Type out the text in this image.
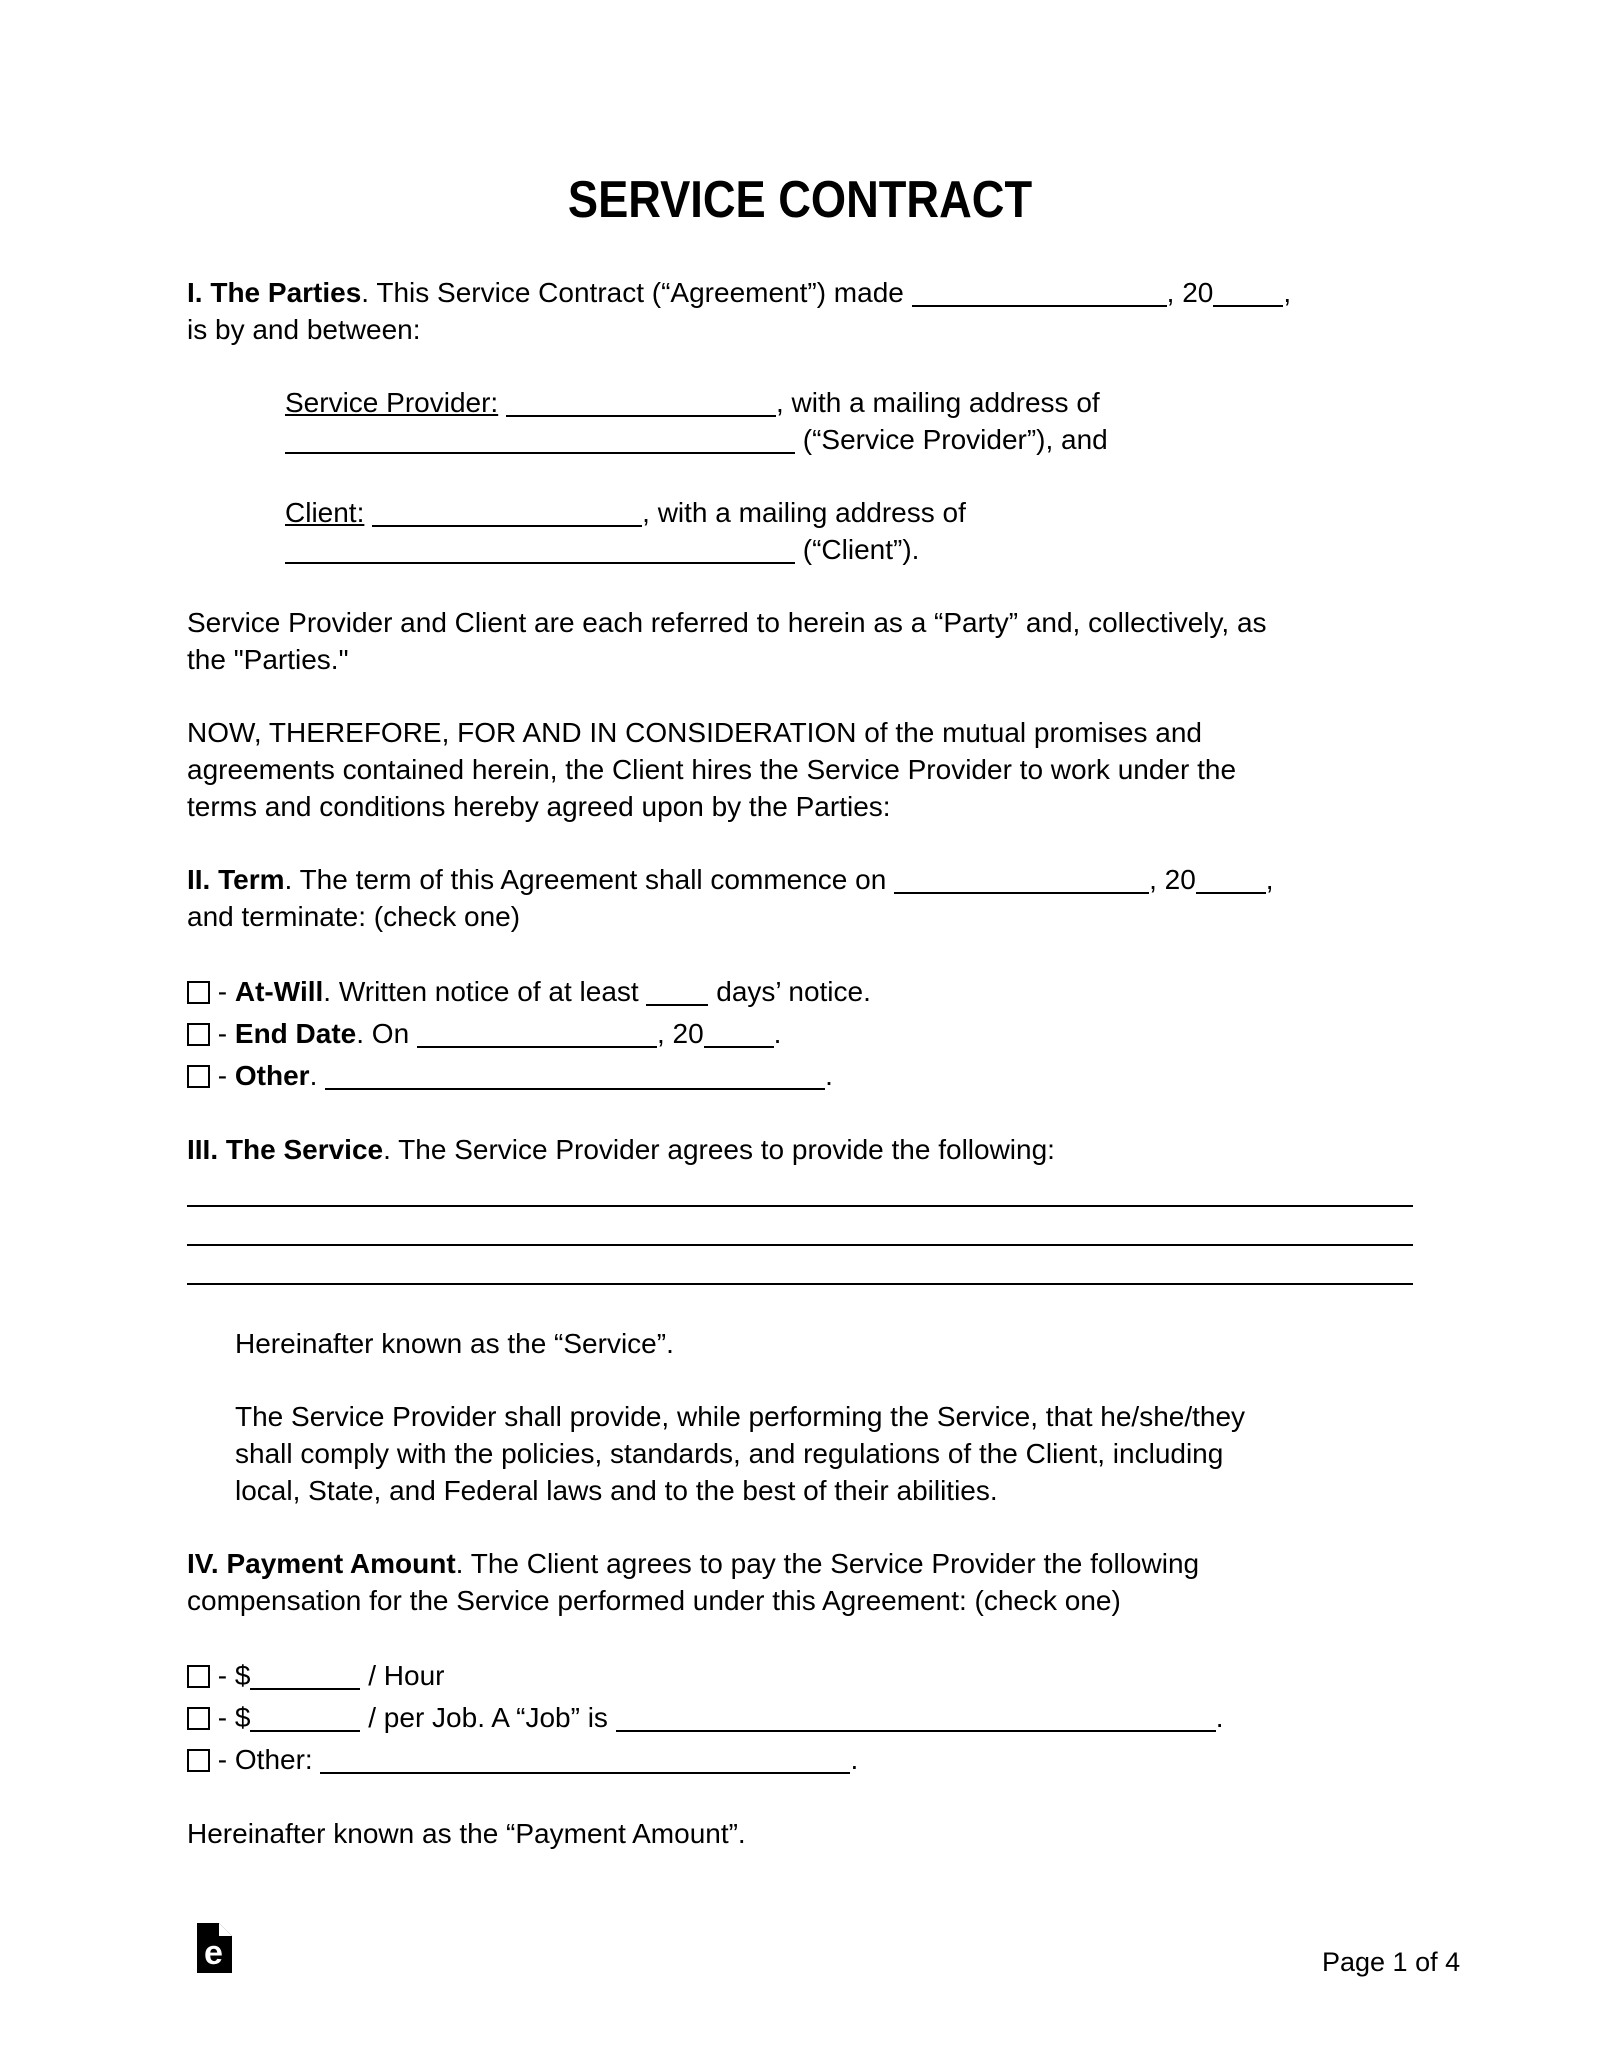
SERVICE CONTRACT

I. The Parties. This Service Contract (“Agreement”) made	, 20	,
is by and between:

Service Provider:	, with a mailing address of
(“Service Provider”), and

Client:	, with a mailing address of
(“Client”).

Service Provider and Client are each referred to herein as a “Party” and, collectively, as
the "Parties."

NOW, THEREFORE, FOR AND IN CONSIDERATION of the mutual promises and
agreements contained herein, the Client hires the Service Provider to work under the
terms and conditions hereby agreed upon by the Parties:

II. Term. The term of this Agreement shall commence on	, 20	,
and terminate: (check one)

- At-Will. Written notice of at least  days’ notice.
- End Date. On	, 20	.
- Other.	.

III. The Service. The Service Provider agrees to provide the following:

Hereinafter known as the “Service”.

The Service Provider shall provide, while performing the Service, that he/she/they
shall comply with the policies, standards, and regulations of the Client, including
local, State, and Federal laws and to the best of their abilities.

IV. Payment Amount. The Client agrees to pay the Service Provider the following
compensation for the Service performed under this Agreement: (check one)

- $	/ Hour
- $	/ per Job. A “Job” is	.
- Other:	.

Hereinafter known as the “Payment Amount”.

e	Page 1 of 4
